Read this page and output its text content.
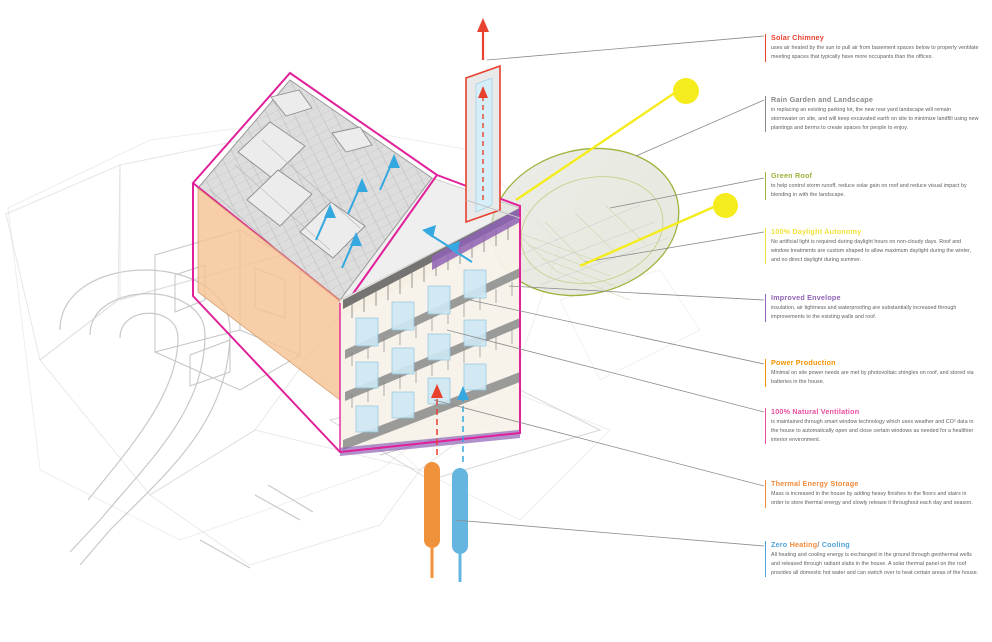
Solar Chimney

uses air heated by the sun to pull air from basement spaces below to properly ventilate meeting spaces that typically have more occupants than the offices.

Rain Garden and Landscape

in replacing an existing parking lot, the new rear yard landscape will remain stormwater on site, and will keep excavated earth on site to minimize landfill using new plantings and berms to create spaces for people to enjoy.

Green Roof

to help control storm runoff, reduce solar gain on roof and reduce visual impact by blending in with the landscape.

100% Daylight Autonomy

No artificial light is required during daylight hours on non-cloudy days. Roof and window treatments are custom shaped to allow maximum daylight during the winter, and no direct daylight during summer.

Improved Envelope

insulation, air tightness and waterproofing are substantially increased through improvements to the existing walls and roof.

Power Production

Minimal on site power needs are met by photovoltaic shingles on roof, and stored via batteries in the house.

100% Natural Ventilation

is maintained through smart window technology which uses weather and CO² data in the house to automatically open and close certain windows as needed for a healthier interior environment.

Thermal Energy Storage

Mass is increased in the house by adding heavy finishes to the floors and stairs in order to store thermal energy and slowly release it throughout each day and season.

Zero Heating/ Cooling

All heating and cooling energy is exchanged in the ground through geothermal wells and released through radiant slabs in the house. A solar thermal panel on the roof provides all domestic hot water and can switch over to heat certain areas of the house.
